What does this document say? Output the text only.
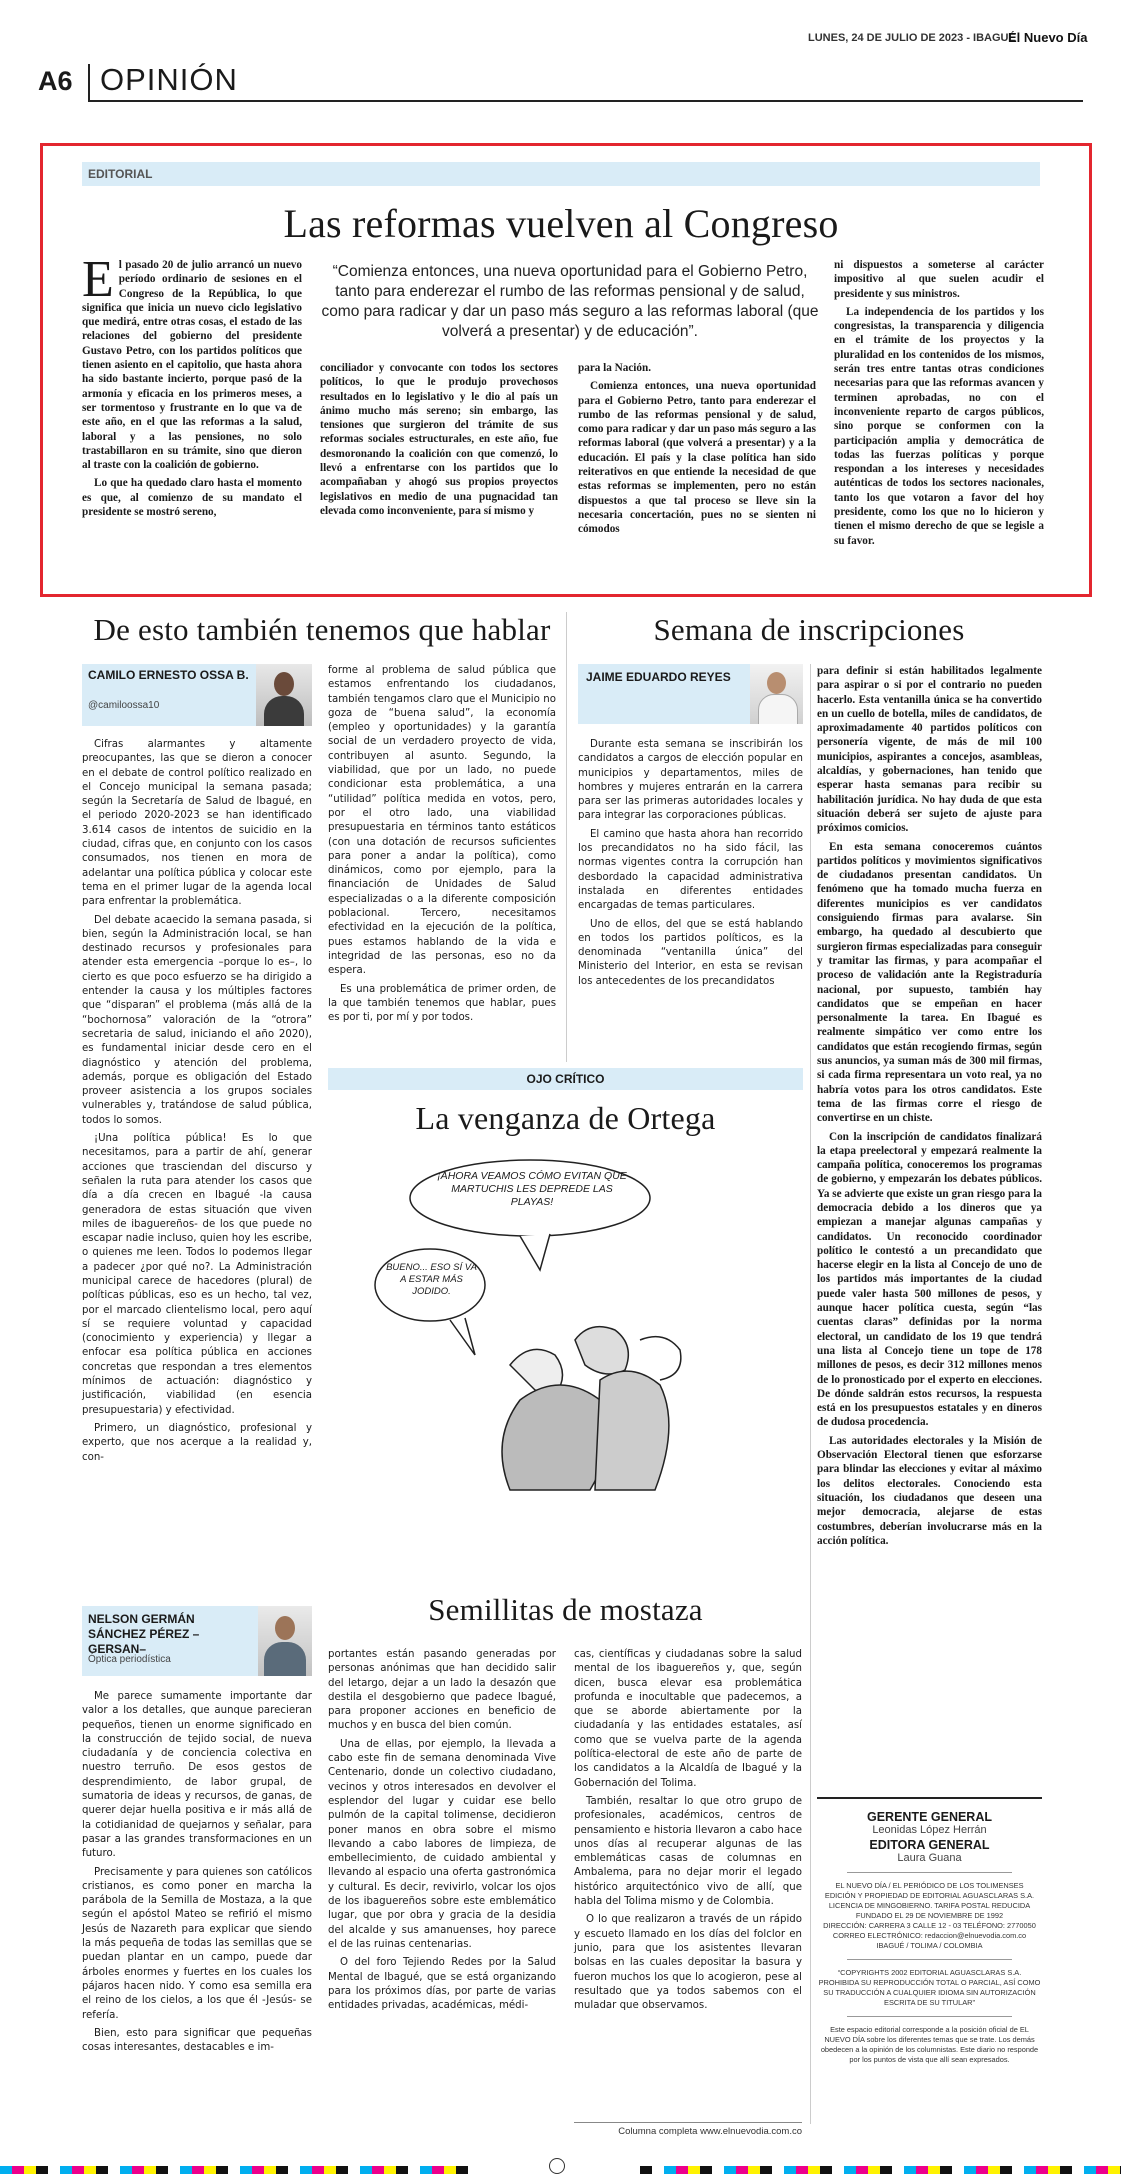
A6 OPINIÓN
LUNES, 24 DE JULIO DE 2023 - IBAGUÉ
El Nuevo Día
EDITORIAL
Las reformas vuelven al Congreso
E l pasado 20 de julio arrancó un nuevo período ordinario de sesiones en el Congreso de la República, lo que significa que inicia un nuevo ciclo legislativo que medirá, entre otras cosas, el estado de las relaciones del gobierno del presidente Gustavo Petro, con los partidos políticos que tienen asiento en el capitolio, que hasta ahora ha sido bastante incierto, porque pasó de la armonía y eficacia en los primeros meses, a ser tormentoso y frustrante en lo que va de este año, en el que las reformas a la salud, laboral y a las pensiones, no solo trastabillaron en su trámite, sino que dieron al traste con la coalición de gobierno.

Lo que ha quedado claro hasta el momento es que, al comienzo de su mandato el presidente se mostró sereno,

“Comienza entonces, una nueva oportunidad para el Gobierno Petro, tanto para enderezar el rumbo de las reformas pensional y de salud, como para radicar y dar un paso más seguro a las reformas laboral (que volverá a presentar) y de educación”.

conciliador y convocante con todos los sectores políticos, lo que le produjo provechosos resultados en lo legislativo y le dio al país un ánimo mucho más sereno; sin embargo, las tensiones que surgieron del trámite de sus reformas sociales estructurales, en este año, fue desmoronando la coalición con que comenzó, lo llevó a enfrentarse con los partidos que lo acompañaban y ahogó sus propios proyectos legislativos en medio de una pugnacidad tan elevada como inconveniente, para sí mismo y

para la Nación.

Comienza entonces, una nueva oportunidad para el Gobierno Petro, tanto para enderezar el rumbo de las reformas pensional y de salud, como para radicar y dar un paso más seguro a las reformas laboral (que volverá a presentar) y a la educación. El país y la clase política han sido reiterativos en que entiende la necesidad de que estas reformas se implementen, pero no están dispuestos a que tal proceso se lleve sin la necesaria concertación, pues no se sienten ni cómodos

ni dispuestos a someterse al carácter impositivo al que suelen acudir el presidente y sus ministros.

La independencia de los partidos y los congresistas, la transparencia y diligencia en el trámite de los proyectos y la pluralidad en los contenidos de los mismos, serán tres entre tantas otras condiciones necesarias para que las reformas avancen y terminen aprobadas, no con el inconveniente reparto de cargos públicos, sino porque se conformen con la participación amplia y democrática de todas las fuerzas políticas y porque respondan a los intereses y necesidades auténticas de todos los sectores nacionales, tanto los que votaron a favor del hoy presidente, como los que no lo hicieron y tienen el mismo derecho de que se legisle a su favor.

De esto también tenemos que hablar
CAMILO ERNESTO OSSA B.
@camiloossa10

Cifras alarmantes y altamente preocupantes, las que se dieron a conocer en el debate de control político realizado en el Concejo municipal la semana pasada; según la Secretaría de Salud de Ibagué, en el periodo 2020-2023 se han identificado 3.614 casos de intentos de suicidio en la ciudad, cifras que, en conjunto con los casos consumados, nos tienen en mora de adelantar una política pública y colocar este tema en el primer lugar de la agenda local para enfrentar la problemática.

Del debate acaecido la semana pasada, si bien, según la Administración local, se han destinado recursos y profesionales para atender esta emergencia –porque lo es–, lo cierto es que poco esfuerzo se ha dirigido a entender la causa y los múltiples factores que “disparan” el problema (más allá de la “bochornosa” valoración de la “otrora” secretaria de salud, iniciando el año 2020), es fundamental iniciar desde cero en el diagnóstico y atención del problema, además, porque es obligación del Estado proveer asistencia a los grupos sociales vulnerables y, tratándose de salud pública, todos lo somos.

¡Una política pública! Es lo que necesitamos, para a partir de ahí, generar acciones que trasciendan del discurso y señalen la ruta para atender los casos que día a día crecen en Ibagué -la causa generadora de estas situación que viven miles de ibaguereños- de los que puede no escapar nadie incluso, quien hoy les escribe, o quienes me leen. Todos lo podemos llegar a padecer ¿por qué no?. La Administración municipal carece de hacedores (plural) de políticas públicas, eso es un hecho, tal vez, por el marcado clientelismo local, pero aquí sí se requiere voluntad y capacidad (conocimiento y experiencia) y llegar a enfocar esa política pública en acciones concretas que respondan a tres elementos mínimos de actuación: diagnóstico y justificación, viabilidad (en esencia presupuestaria) y efectividad.

Primero, un diagnóstico, profesional y experto, que nos acerque a la realidad y, con-

forme al problema de salud pública que estamos enfrentando los ciudadanos, también tengamos claro que el Municipio no goza de “buena salud”, la economía (empleo y oportunidades) y la garantía social de un verdadero proyecto de vida, contribuyen al asunto. Segundo, la viabilidad, que por un lado, no puede condicionar esta problemática, a una “utilidad” política medida en votos, pero, por el otro lado, una viabilidad presupuestaria en términos tanto estáticos (con una dotación de recursos suficientes para poner a andar la política), como dinámicos, como por ejemplo, para la financiación de Unidades de Salud especializadas o a la diferente composición poblacional. Tercero, necesitamos efectividad en la ejecución de la política, pues estamos hablando de la vida e integridad de las personas, eso no da espera.

Es una problemática de primer orden, de la que también tenemos que hablar, pues es por ti, por mí y por todos.

Semana de inscripciones
JAIME EDUARDO REYES

Durante esta semana se inscribirán los candidatos a cargos de elección popular en municipios y departamentos, miles de hombres y mujeres entrarán en la carrera para ser las primeras autoridades locales y para integrar las corporaciones públicas.

El camino que hasta ahora han recorrido los precandidatos no ha sido fácil, las normas vigentes contra la corrupción han desbordado la capacidad administrativa instalada en diferentes entidades encargadas de temas particulares.

Uno de ellos, del que se está hablando en todos los partidos políticos, es la denominada “ventanilla única” del Ministerio del Interior, en esta se revisan los antecedentes de los precandidatos

para definir si están habilitados legalmente para aspirar o si por el contrario no pueden hacerlo. Esta ventanilla única se ha convertido en un cuello de botella, miles de candidatos, de aproximadamente 40 partidos políticos con personería vigente, de más de mil 100 municipios, aspirantes a concejos, asambleas, alcaldías, y gobernaciones, han tenido que esperar hasta semanas para recibir su habilitación jurídica. No hay duda de que esta situación deberá ser sujeto de ajuste para próximos comicios.

En esta semana conoceremos cuántos partidos políticos y movimientos significativos de ciudadanos presentan candidatos. Un fenómeno que ha tomado mucha fuerza en diferentes municipios es ver candidatos consiguiendo firmas para avalarse. Sin embargo, ha quedado al descubierto que surgieron firmas especializadas para conseguir y tramitar las firmas, y para acompañar el proceso de validación ante la Registraduría nacional, por supuesto, también hay candidatos que se empeñan en hacer personalmente la tarea. En Ibagué es realmente simpático ver como entre los candidatos que están recogiendo firmas, según sus anuncios, ya suman más de 300 mil firmas, si cada firma representara un voto real, ya no habría votos para los otros candidatos. Este tema de las firmas corre el riesgo de convertirse en un chiste.

Con la inscripción de candidatos finalizará la etapa preelectoral y empezará realmente la campaña política, conoceremos los programas de gobierno, y empezarán los debates públicos. Ya se advierte que existe un gran riesgo para la democracia debido a los dineros que ya empiezan a manejar algunas campañas y candidatos. Un reconocido coordinador político le contestó a un precandidato que hacerse elegir en la lista al Concejo de uno de los partidos más importantes de la ciudad puede valer hasta 500 millones de pesos, y aunque hacer política cuesta, según “las cuentas claras” definidas por la norma electoral, un candidato de los 19 que tendrá una lista al Concejo tiene un tope de 178 millones de pesos, es decir 312 millones menos de lo pronosticado por el experto en elecciones. De dónde saldrán estos recursos, la respuesta está en los presupuestos estatales y en dineros de dudosa procedencia.

Las autoridades electorales y la Misión de Observación Electoral tienen que esforzarse para blindar las elecciones y evitar al máximo los delitos electorales. Conociendo esta situación, los ciudadanos que deseen una mejor democracia, alejarse de estas costumbres, deberían involucrarse más en la acción política.

OJO CRÍTICO
La venganza de Ortega
¡AHORA VEAMOS CÓMO EVITAN QUE MARTUCHIS LES DEPREDE LAS PLAYAS!
BUENO... ESO SÍ VA A ESTAR MÁS JODIDO.
Semillitas de mostaza
NELSON GERMÁN SÁNCHEZ PÉREZ –GERSAN–
Óptica periodística

Me parece sumamente importante dar valor a los detalles, que aunque parecieran pequeños, tienen un enorme significado en la construcción de tejido social, de nueva ciudadanía y de conciencia colectiva en nuestro terruño. De esos gestos de desprendimiento, de labor grupal, de sumatoria de ideas y recursos, de ganas, de querer dejar huella positiva e ir más allá de la cotidianidad de quejarnos y señalar, para pasar a las grandes transformaciones en un futuro.

Precisamente y para quienes son católicos cristianos, es como poner en marcha la parábola de la Semilla de Mostaza, a la que según el apóstol Mateo se refirió el mismo Jesús de Nazareth para explicar que siendo la más pequeña de todas las semillas que se puedan plantar en un campo, puede dar árboles enormes y fuertes en los cuales los pájaros hacen nido. Y como esa semilla era el reino de los cielos, a los que él -Jesús- se refería.

Bien, esto para significar que pequeñas cosas interesantes, destacables e im-

portantes están pasando generadas por personas anónimas que han decidido salir del letargo, dejar a un lado la desazón que destila el desgobierno que padece Ibagué, para proponer acciones en beneficio de muchos y en busca del bien común.

Una de ellas, por ejemplo, la llevada a cabo este fin de semana denominada Vive Centenario, donde un colectivo ciudadano, vecinos y otros interesados en devolver el esplendor del lugar y cuidar ese bello pulmón de la capital tolimense, decidieron poner manos en obra sobre el mismo llevando a cabo labores de limpieza, de embellecimiento, de cuidado ambiental y llevando al espacio una oferta gastronómica y cultural. Es decir, revivirlo, volcar los ojos de los ibaguereños sobre este emblemático lugar, que por obra y gracia de la desidia del alcalde y sus amanuenses, hoy parece el de las ruinas centenarias.

O del foro Tejiendo Redes por la Salud Mental de Ibagué, que se está organizando para los próximos días, por parte de varias entidades privadas, académicas, médi-

cas, científicas y ciudadanas sobre la salud mental de los ibaguereños y, que, según dicen, busca elevar esa problemática profunda e inocultable que padecemos, a que se aborde abiertamente por la ciudadanía y las entidades estatales, así como que se vuelva parte de la agenda política-electoral de este año de parte de los candidatos a la Alcaldía de Ibagué y la Gobernación del Tolima.

También, resaltar lo que otro grupo de profesionales, académicos, centros de pensamiento e historia llevaron a cabo hace unos días al recuperar algunas de las emblemáticas casas de columnas en Ambalema, para no dejar morir el legado histórico arquitectónico vivo de allí, que habla del Tolima mismo y de Colombia.

O lo que realizaron a través de un rápido y escueto llamado en los días del folclor en junio, para que los asistentes llevaran bolsas en las cuales depositar la basura y fueron muchos los que lo acogieron, pese al resultado que ya todos sabemos con el muladar que observamos.

Columna completa www.elnuevodia.com.co
GERENTE GENERAL
Leonidas López Herrán
EDITORA GENERAL
Laura Guana
EL NUEVO DÍA / EL PERIÓDICO DE LOS TOLIMENSES
EDICIÓN Y PROPIEDAD DE EDITORIAL AGUASCLARAS S.A.
LICENCIA DE MINGOBIERNO. TARIFA POSTAL REDUCIDA
FUNDADO EL 29 DE NOVIEMBRE DE 1992
DIRECCIÓN: CARRERA 3 CALLE 12 - 03 TELÉFONO: 2770050
CORREO ELECTRÓNICO: redaccion@elnuevodia.com.co
IBAGUÉ / TOLIMA / COLOMBIA
“COPYRIGHTS 2002 EDITORIAL AGUASCLARAS S.A. PROHIBIDA SU REPRODUCCIÓN TOTAL O PARCIAL, ASÍ COMO SU TRADUCCIÓN A CUALQUIER IDIOMA SIN AUTORIZACIÓN ESCRITA DE SU TITULAR”
Este espacio editorial corresponde a la posición oficial de EL NUEVO DÍA sobre los diferentes temas que se trate. Los demás obedecen a la opinión de los columnistas. Este diario no responde por los puntos de vista que allí sean expresados.
